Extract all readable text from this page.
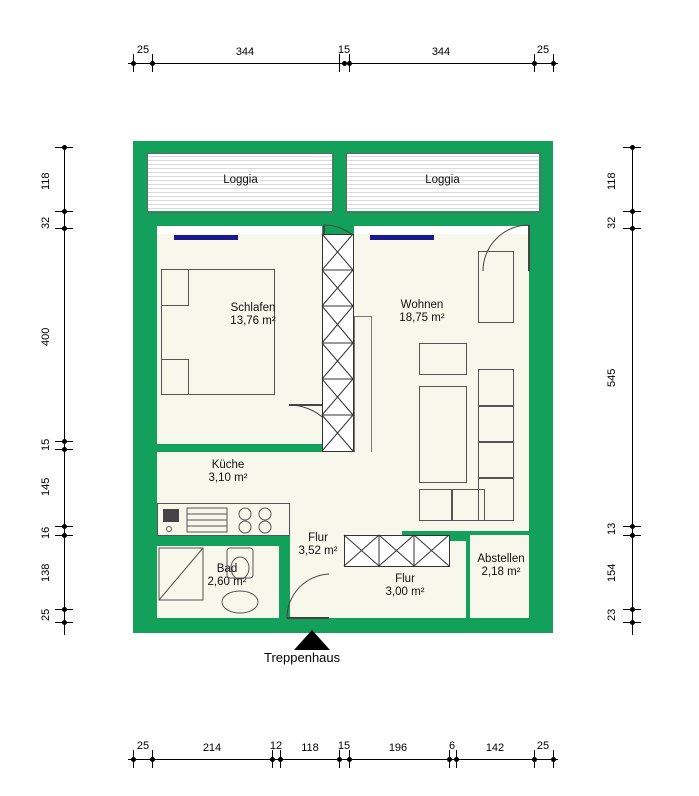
25	344	15	344	25
118
32
400
15
145
16
138
25
118
32
545
13
154
23
25	214	12	118	15	196	6	142	25
Loggia	Loggia
Schlafen
13,76 m²
Wohnen
18,75 m²
Küche
3,10 m²
Bad
2,60 m²
Flur
3,52 m²
Flur
3,00 m²
Abstellen
2,18 m²
Treppenhaus
